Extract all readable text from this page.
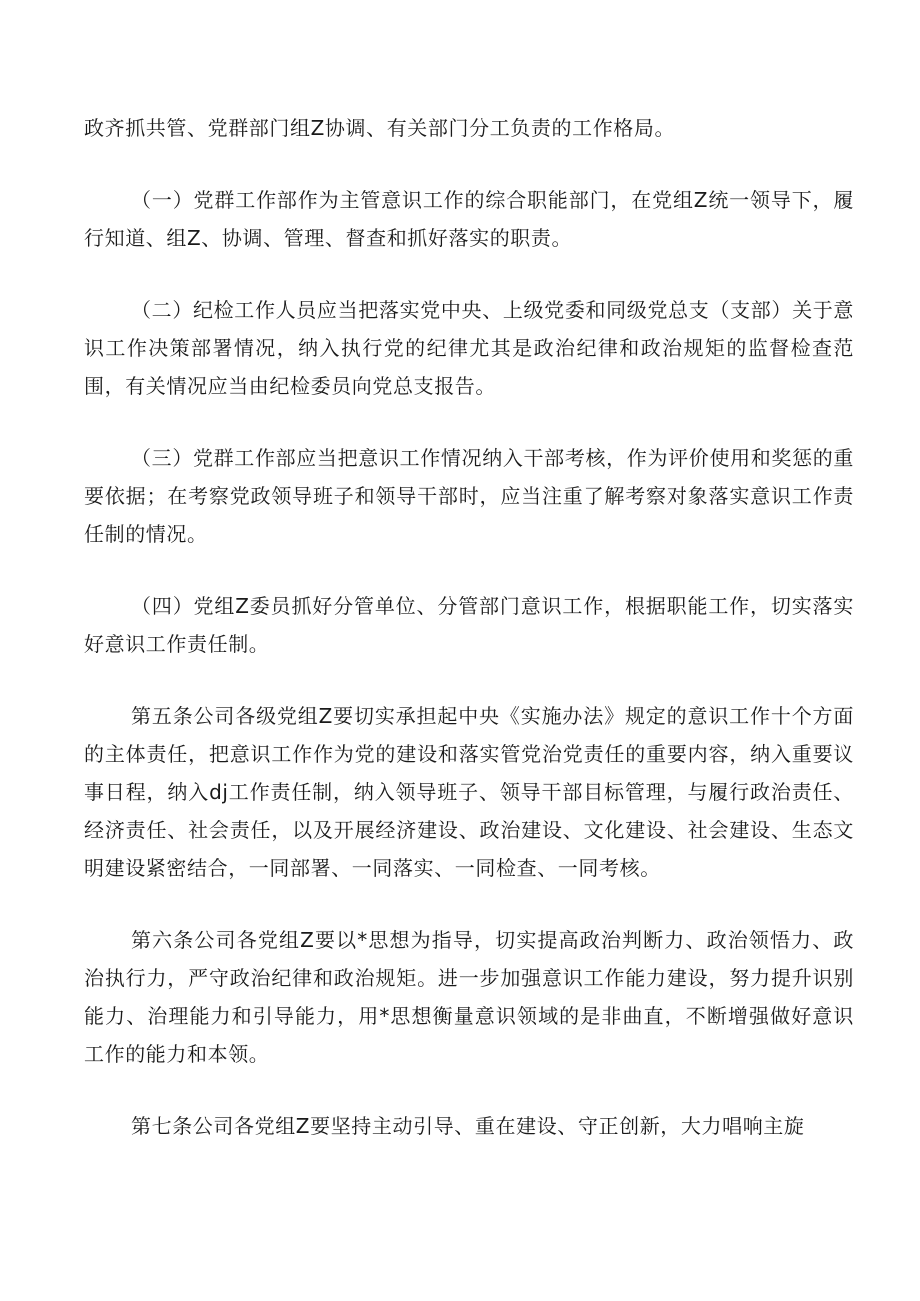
政齐抓共管、党群部门组Z协调、有关部门分工负责的工作格局。

（一）党群工作部作为主管意识工作的综合职能部门，在党组Z统一领导下，履行知道、组Z、协调、管理、督查和抓好落实的职责。

（二）纪检工作人员应当把落实党中央、上级党委和同级党总支（支部）关于意识工作决策部署情况，纳入执行党的纪律尤其是政治纪律和政治规矩的监督检查范围，有关情况应当由纪检委员向党总支报告。

（三）党群工作部应当把意识工作情况纳入干部考核，作为评价使用和奖惩的重要依据；在考察党政领导班子和领导干部时，应当注重了解考察对象落实意识工作责任制的情况。

（四）党组Z委员抓好分管单位、分管部门意识工作，根据职能工作，切实落实好意识工作责任制。

第五条公司各级党组Z要切实承担起中央《实施办法》规定的意识工作十个方面的主体责任，把意识工作作为党的建设和落实管党治党责任的重要内容，纳入重要议事日程，纳入dj工作责任制，纳入领导班子、领导干部目标管理，与履行政治责任、经济责任、社会责任，以及开展经济建设、政治建设、文化建设、社会建设、生态文明建设紧密结合，一同部署、一同落实、一同检查、一同考核。

第六条公司各党组Z要以*思想为指导，切实提高政治判断力、政治领悟力、政治执行力，严守政治纪律和政治规矩。进一步加强意识工作能力建设，努力提升识别能力、治理能力和引导能力，用*思想衡量意识领域的是非曲直，不断增强做好意识工作的能力和本领。

第七条公司各党组Z要坚持主动引导、重在建设、守正创新，大力唱响主旋
